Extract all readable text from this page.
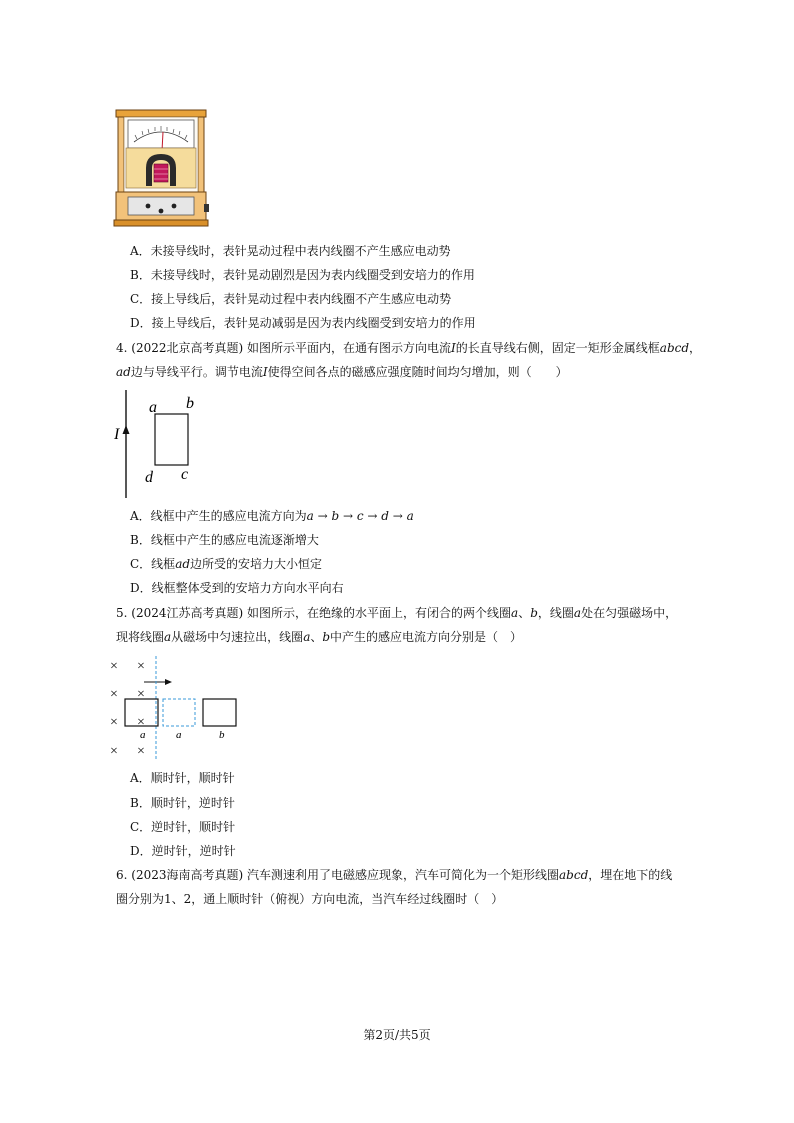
A．未接导线时，表针晃动过程中表内线圈不产生感应电动势
B．未接导线时，表针晃动剧烈是因为表内线圈受到安培力的作用
C．接上导线后，表针晃动过程中表内线圈不产生感应电动势
D．接上导线后，表针晃动减弱是因为表内线圈受到安培力的作用
4. (2022北京高考真题) 如图所示平面内，在通有图示方向电流I的长直导线右侧，固定一矩形金属线框abcd，
ad边与导线平行。调节电流I使得空间各点的磁感应强度随时间均匀增加，则（　　）
I
a b
c
d
A．线框中产生的感应电流方向为a → b → c → d → a
B．线框中产生的感应电流逐渐增大
C．线框ad边所受的安培力大小恒定
D．线框整体受到的安培力方向水平向右
5. (2024江苏高考真题) 如图所示，在绝缘的水平面上，有闭合的两个线圈a、b，线圈a处在匀强磁场中，
现将线圈a从磁场中匀速拉出，线圈a、b中产生的感应电流方向分别是（　）
× ×
× ×
× ×
× ×
a	a	b
A．顺时针，顺时针
B．顺时针，逆时针
C．逆时针，顺时针
D．逆时针，逆时针
6. (2023海南高考真题) 汽车测速利用了电磁感应现象，汽车可简化为一个矩形线圈abcd，埋在地下的线
圈分别为1、2，通上顺时针（俯视）方向电流，当汽车经过线圈时（　）
第2页/共5页
